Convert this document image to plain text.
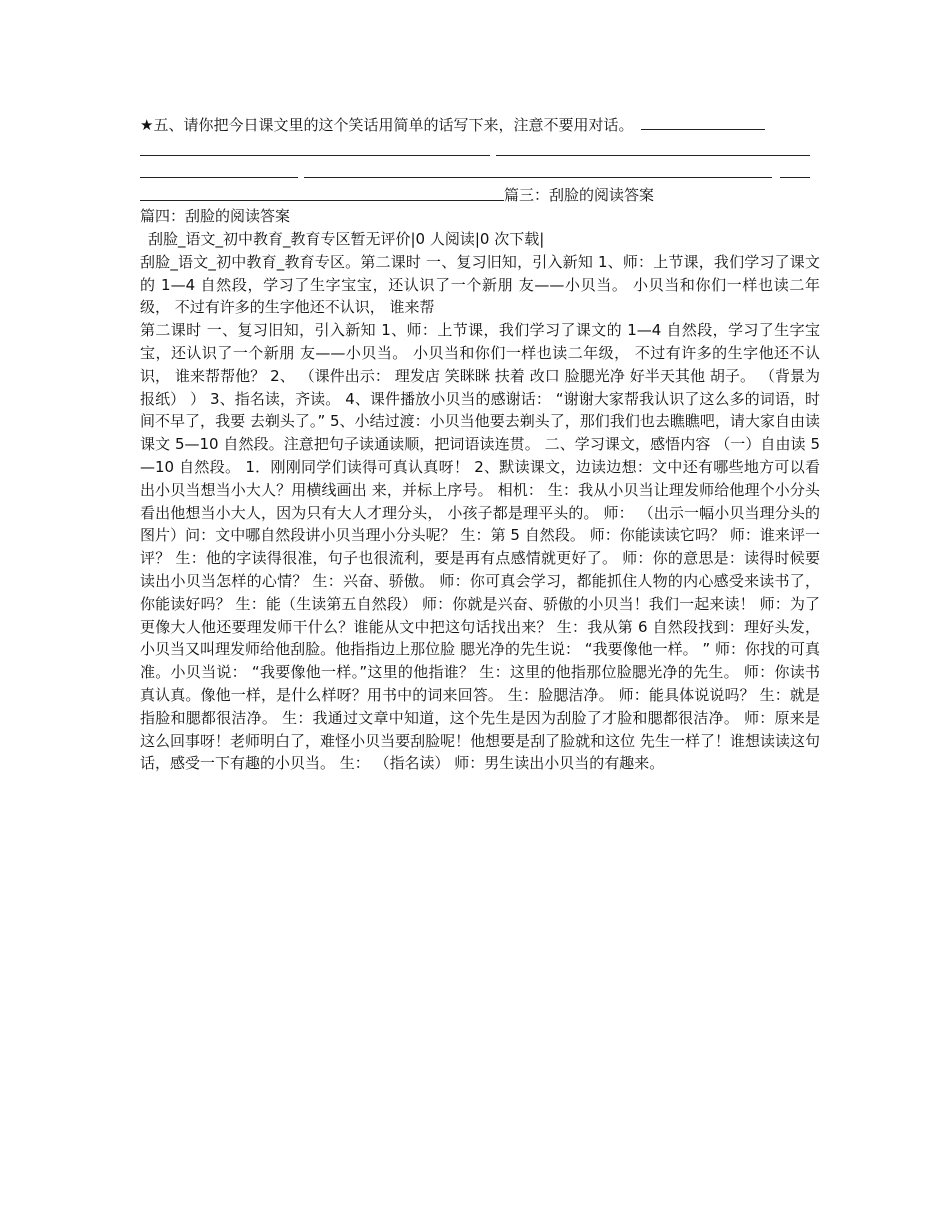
★五、请你把今日课文里的这个笑话用简单的话写下来，注意不要用对话。
篇三：刮脸的阅读答案
篇四：刮脸的阅读答案
刮脸_语文_初中教育_教育专区暂无评价|0 人阅读|0 次下载|
刮脸_语文_初中教育_教育专区。第二课时 一、复习旧知，引入新知 1、师：上节课，我们学习了课文的 1—4 自然段，学习了生字宝宝，还认识了一个新朋 友——小贝当。 小贝当和你们一样也读二年级， 不过有许多的生字他还不认识， 谁来帮
第二课时 一、复习旧知，引入新知 1、师：上节课，我们学习了课文的 1—4 自然段，学习了生字宝宝，还认识了一个新朋 友——小贝当。 小贝当和你们一样也读二年级， 不过有许多的生字他还不认识， 谁来帮帮他？ 2、 （课件出示： 理发店 笑眯眯 扶着 改口 脸腮光净 好半天其他 胡子。 （背景为报纸） ） 3、指名读，齐读。 4、课件播放小贝当的感谢话： “谢谢大家帮我认识了这么多的词语，时间不早了，我要 去剃头了。” 5、小结过渡：小贝当他要去剃头了，那们我们也去瞧瞧吧，请大家自由读课文 5—10 自然段。注意把句子读通读顺，把词语读连贯。 二、学习课文，感悟内容 （一）自由读 5—10 自然段。 1．刚刚同学们读得可真认真呀！ 2、默读课文，边读边想：文中还有哪些地方可以看出小贝当想当小大人？用横线画出 来，并标上序号。 相机： 生：我从小贝当让理发师给他理个小分头看出他想当小大人，因为只有大人才理分头， 小孩子都是理平头的。 师： （出示一幅小贝当理分头的图片）问：文中哪自然段讲小贝当理小分头呢？ 生：第 5 自然段。 师：你能读读它吗？ 师：谁来评一评？ 生：他的字读得很准，句子也很流利，要是再有点感情就更好了。 师：你的意思是：读得时候要读出小贝当怎样的心情？ 生：兴奋、骄傲。 师：你可真会学习，都能抓住人物的内心感受来读书了，你能读好吗？ 生：能（生读第五自然段） 师：你就是兴奋、骄傲的小贝当！我们一起来读！ 师：为了更像大人他还要理发师干什么？谁能从文中把这句话找出来？ 生：我从第 6 自然段找到：理好头发，小贝当又叫理发师给他刮脸。他指指边上那位脸 腮光净的先生说： “我要像他一样。 ” 师：你找的可真准。小贝当说： “我要像他一样。”这里的他指谁？ 生：这里的他指那位脸腮光净的先生。 师：你读书真认真。像他一样，是什么样呀？用书中的词来回答。 生：脸腮洁净。 师：能具体说说吗？ 生：就是指脸和腮都很洁净。 生：我通过文章中知道，这个先生是因为刮脸了才脸和腮都很洁净。 师：原来是这么回事呀！老师明白了，难怪小贝当要刮脸呢！他想要是刮了脸就和这位 先生一样了！谁想读读这句话，感受一下有趣的小贝当。 生： （指名读） 师：男生读出小贝当的有趣来。
